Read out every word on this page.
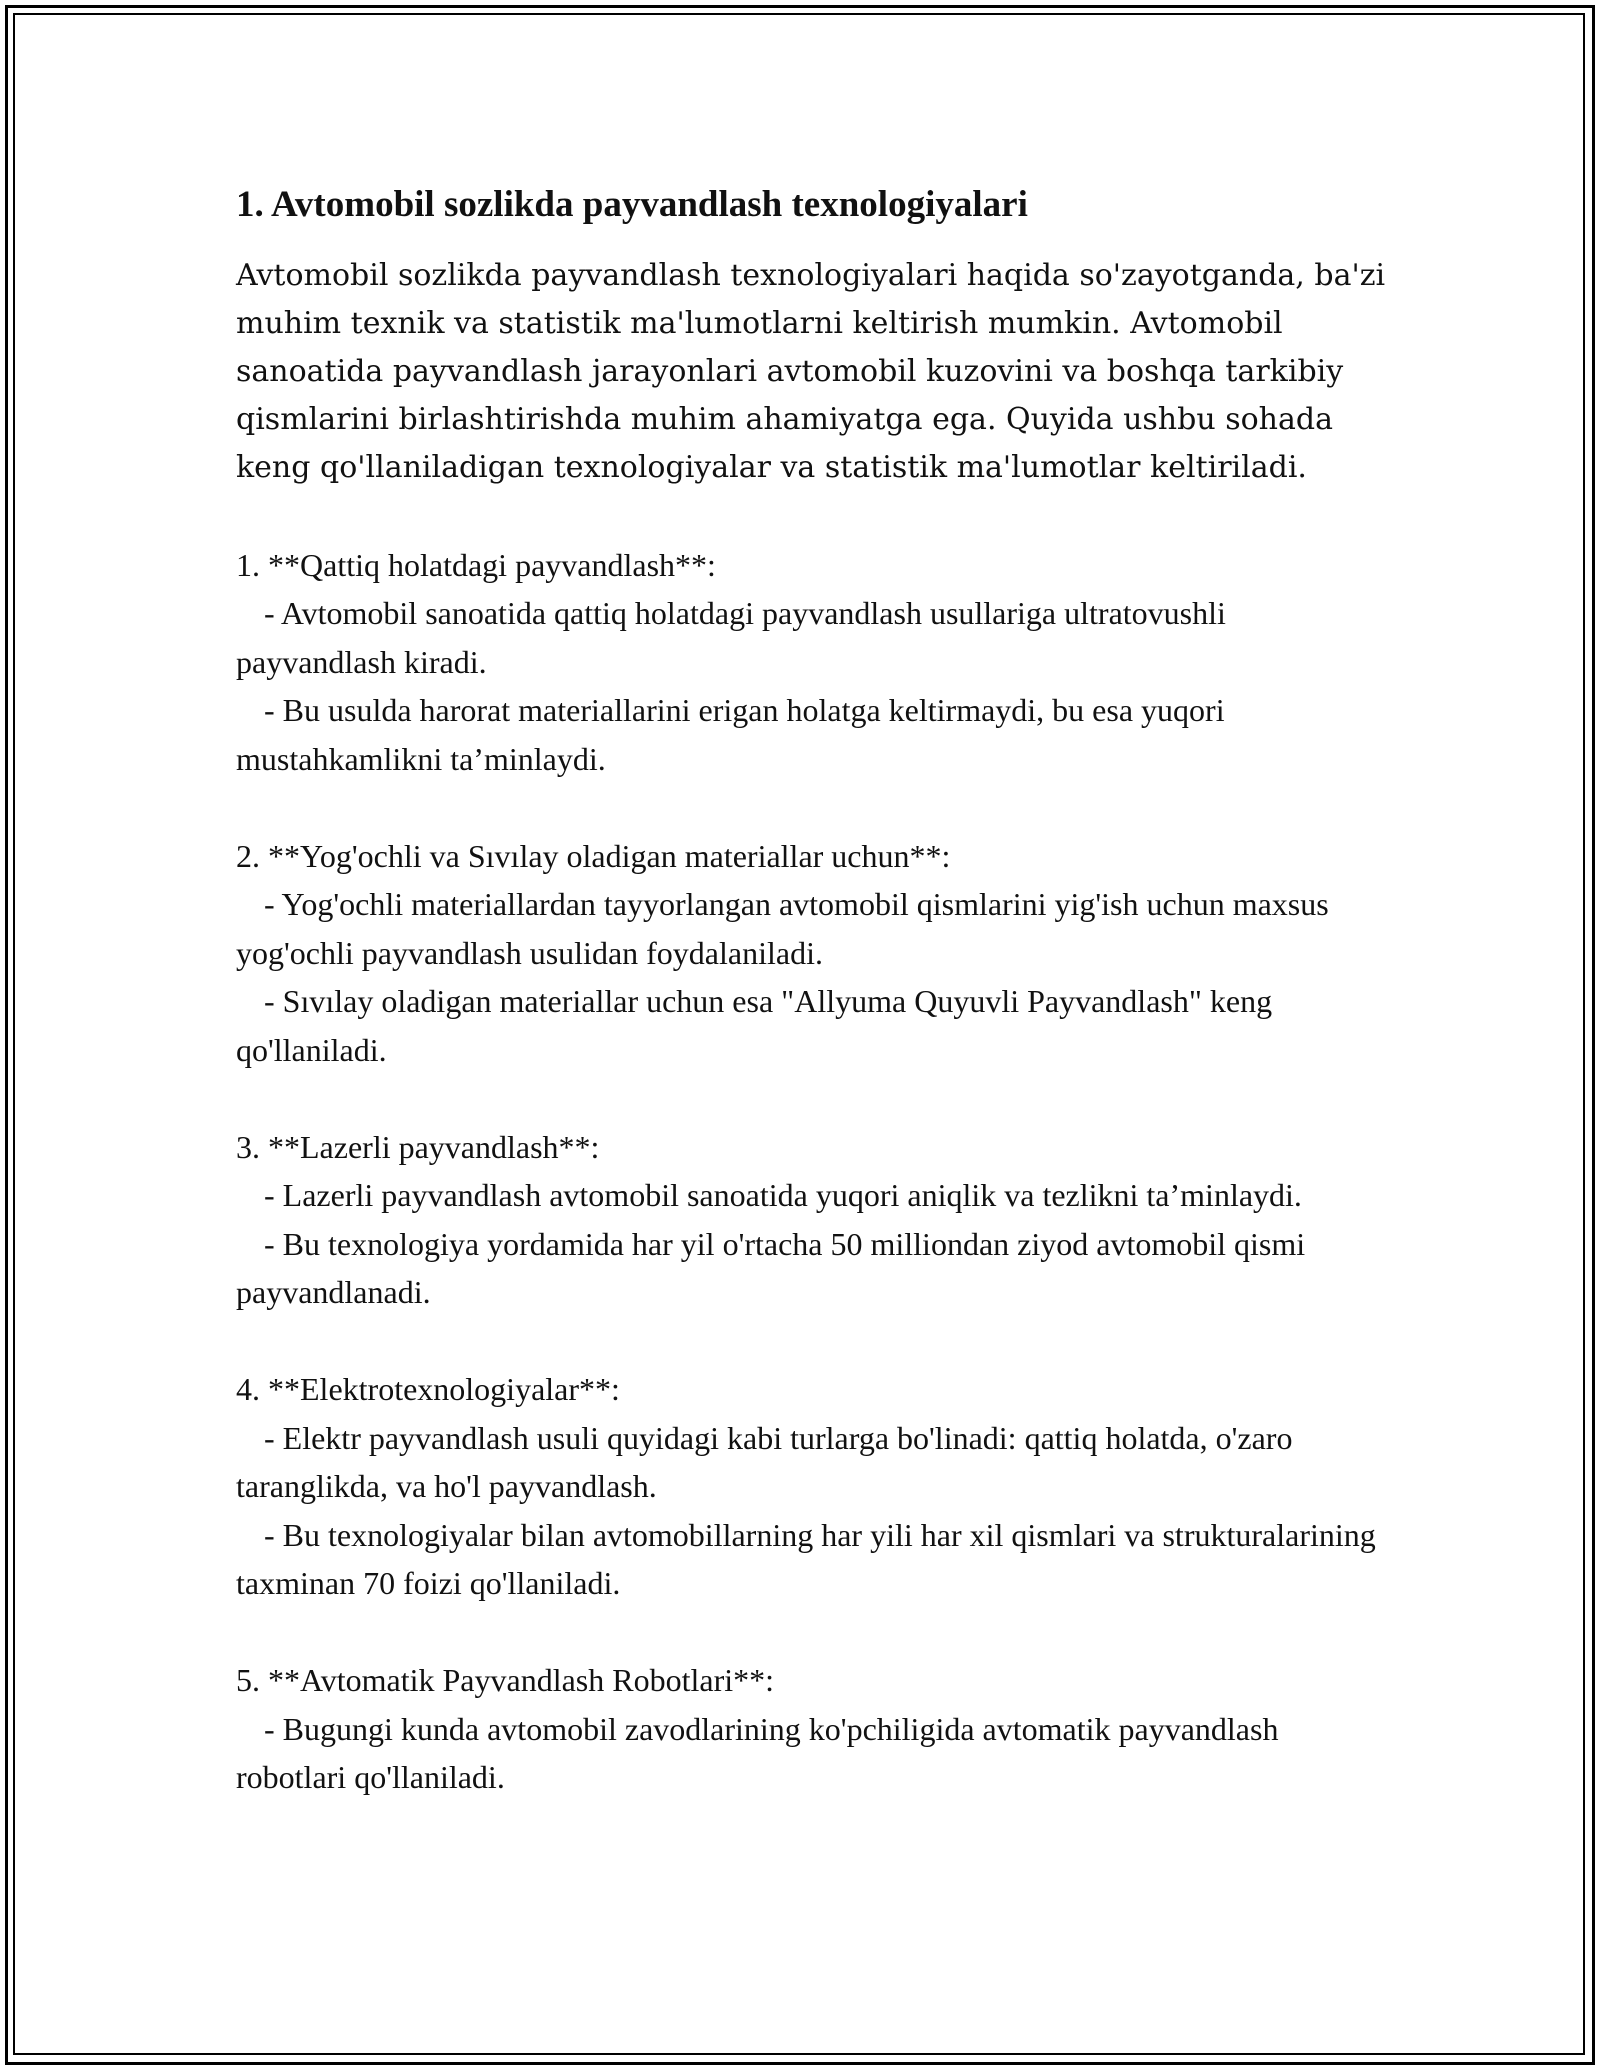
1. Avtomobil sozlikda payvandlash texnologiyalari

Avtomobil sozlikda payvandlash texnologiyalari haqida so'zayotganda, ba'zi muhim texnik va statistik ma'lumotlarni keltirish mumkin. Avtomobil sanoatida payvandlash jarayonlari avtomobil kuzovini va boshqa tarkibiy qismlarini birlashtirishda muhim ahamiyatga ega. Quyida ushbu sohada keng qo'llaniladigan texnologiyalar va statistik ma'lumotlar keltiriladi.

1. **Qattiq holatdagi payvandlash**:

- Avtomobil sanoatida qattiq holatdagi payvandlash usullariga ultratovushli payvandlash kiradi.

- Bu usulda harorat materiallarini erigan holatga keltirmaydi, bu esa yuqori mustahkamlikni ta’minlaydi.

2. **Yog'ochli va Sıvılay oladigan materiallar uchun**:

- Yog'ochli materiallardan tayyorlangan avtomobil qismlarini yig'ish uchun maxsus yog'ochli payvandlash usulidan foydalaniladi.

- Sıvılay oladigan materiallar uchun esa "Allyuma Quyuvli Payvandlash" keng qo'llaniladi.

3. **Lazerli payvandlash**:

- Lazerli payvandlash avtomobil sanoatida yuqori aniqlik va tezlikni ta’minlaydi.

- Bu texnologiya yordamida har yil o'rtacha 50 milliondan ziyod avtomobil qismi payvandlanadi.

4. **Elektrotexnologiyalar**:

- Elektr payvandlash usuli quyidagi kabi turlarga bo'linadi: qattiq holatda, o'zaro taranglikda, va ho'l payvandlash.

- Bu texnologiyalar bilan avtomobillarning har yili har xil qismlari va strukturalarining taxminan 70 foizi qo'llaniladi.

5. **Avtomatik Payvandlash Robotlari**:

- Bugungi kunda avtomobil zavodlarining ko'pchiligida avtomatik payvandlash robotlari qo'llaniladi.
